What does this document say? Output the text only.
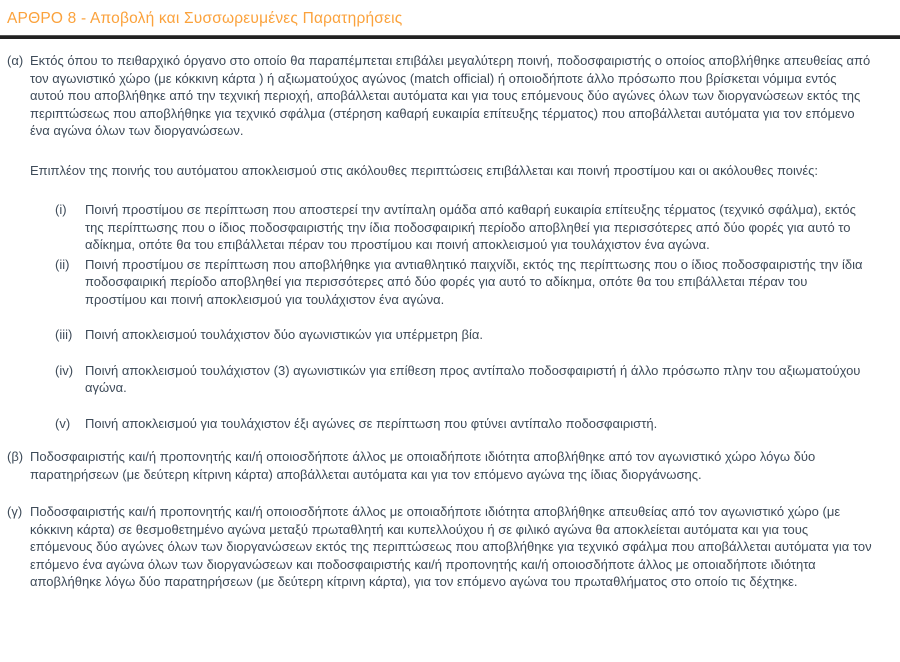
ΑΡΘΡΟ 8 - Αποβολή και Συσσωρευμένες Παρατηρήσεις
(α) Εκτός όπου το πειθαρχικό όργανο στο οποίο θα παραπέμπεται επιβάλει μεγαλύτερη ποινή, ποδοσφαιριστής ο οποίος αποβλήθηκε απευθείας από τον αγωνιστικό χώρο (με κόκκινη κάρτα ) ή αξιωματούχος αγώνος (match official) ή οποιοδήποτε άλλο πρόσωπο που βρίσκεται νόμιμα εντός αυτού που αποβλήθηκε από την τεχνική περιοχή, αποβάλλεται αυτόματα και για τους επόμενους δύο αγώνες όλων των διοργανώσεων εκτός της περιπτώσεως που αποβλήθηκε για τεχνικό σφάλμα (στέρηση καθαρή ευκαιρία επίτευξης τέρματος) που αποβάλλεται αυτόματα για τον επόμενο ένα αγώνα όλων των διοργανώσεων.
Επιπλέον της ποινής του αυτόματου αποκλεισμού στις ακόλουθες περιπτώσεις επιβάλλεται και ποινή προστίμου και οι ακόλουθες ποινές:
(i)	Ποινή προστίμου σε περίπτωση που αποστερεί την αντίπαλη ομάδα από καθαρή ευκαιρία επίτευξης τέρματος (τεχνικό σφάλμα), εκτός της περίπτωσης που ο ίδιος ποδοσφαιριστής την ίδια ποδοσφαιρική περίοδο αποβληθεί για περισσότερες από δύο φορές για αυτό το αδίκημα, οπότε θα του επιβάλλεται πέραν του προστίμου και ποινή αποκλεισμού για τουλάχιστον ένα αγώνα.
(ii)	Ποινή προστίμου σε περίπτωση που αποβλήθηκε για αντιαθλητικό παιχνίδι, εκτός της περίπτωσης που ο ίδιος ποδοσφαιριστής την ίδια ποδοσφαιρική περίοδο αποβληθεί για περισσότερες από δύο φορές για αυτό το αδίκημα, οπότε θα του επιβάλλεται πέραν του προστίμου και ποινή αποκλεισμού για τουλάχιστον ένα αγώνα.
(iii) Ποινή αποκλεισμού τουλάχιστον δύο αγωνιστικών για υπέρμετρη βία.
(iv) Ποινή αποκλεισμού τουλάχιστον (3) αγωνιστικών για επίθεση προς αντίπαλο ποδοσφαιριστή ή άλλο πρόσωπο πλην του αξιωματούχου αγώνα.
(v)	Ποινή αποκλεισμού για τουλάχιστον έξι αγώνες σε περίπτωση που φτύνει αντίπαλο ποδοσφαιριστή.
(β) Ποδοσφαιριστής και/ή προπονητής και/ή οποιοσδήποτε άλλος με οποιαδήποτε ιδιότητα αποβλήθηκε από τον αγωνιστικό χώρο λόγω δύο παρατηρήσεων (με δεύτερη κίτρινη κάρτα) αποβάλλεται αυτόματα και για τον επόμενο αγώνα της ίδιας διοργάνωσης.
(γ) Ποδοσφαιριστής και/ή προπονητής και/ή οποιοσδήποτε άλλος με οποιαδήποτε ιδιότητα αποβλήθηκε απευθείας από τον αγωνιστικό χώρο (με κόκκινη κάρτα) σε θεσμοθετημένο αγώνα μεταξύ πρωταθλητή και κυπελλούχου ή σε φιλικό αγώνα θα αποκλείεται αυτόματα και για τους επόμενους δύο αγώνες όλων των διοργανώσεων εκτός της περιπτώσεως που αποβλήθηκε για τεχνικό σφάλμα που αποβάλλεται αυτόματα για τον επόμενο ένα αγώνα όλων των διοργανώσεων και ποδοσφαιριστής και/ή προπονητής και/ή οποιοσδήποτε άλλος με οποιαδήποτε ιδιότητα αποβλήθηκε λόγω δύο παρατηρήσεων (με δεύτερη κίτρινη κάρτα), για τον επόμενο αγώνα του πρωταθλήματος στο οποίο τις δέχτηκε.
